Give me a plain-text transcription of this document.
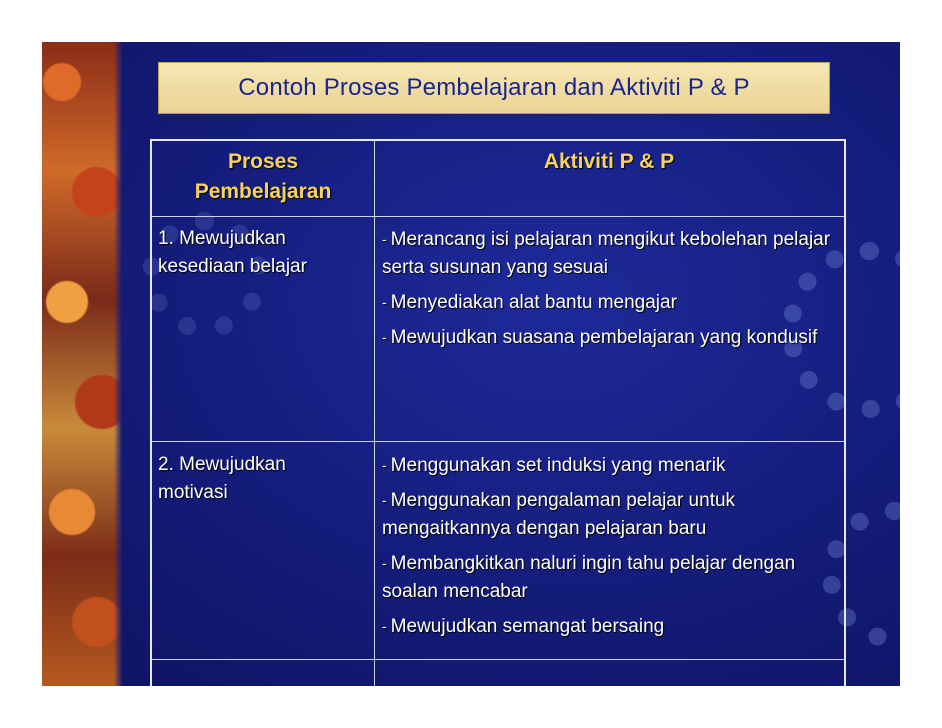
Contoh Proses Pembelajaran dan Aktiviti P & P
Proses
Pembelajaran
Aktiviti P & P
1. Mewujudkan
kesediaan belajar
- Merancang isi pelajaran mengikut kebolehan pelajar serta susunan yang sesuai
- Menyediakan alat bantu mengajar
- Mewujudkan suasana pembelajaran yang kondusif
2. Mewujudkan
motivasi
- Menggunakan set induksi yang menarik
- Menggunakan pengalaman pelajar untuk mengaitkannya dengan pelajaran baru
- Membangkitkan naluri ingin tahu pelajar dengan soalan mencabar
- Mewujudkan semangat bersaing
